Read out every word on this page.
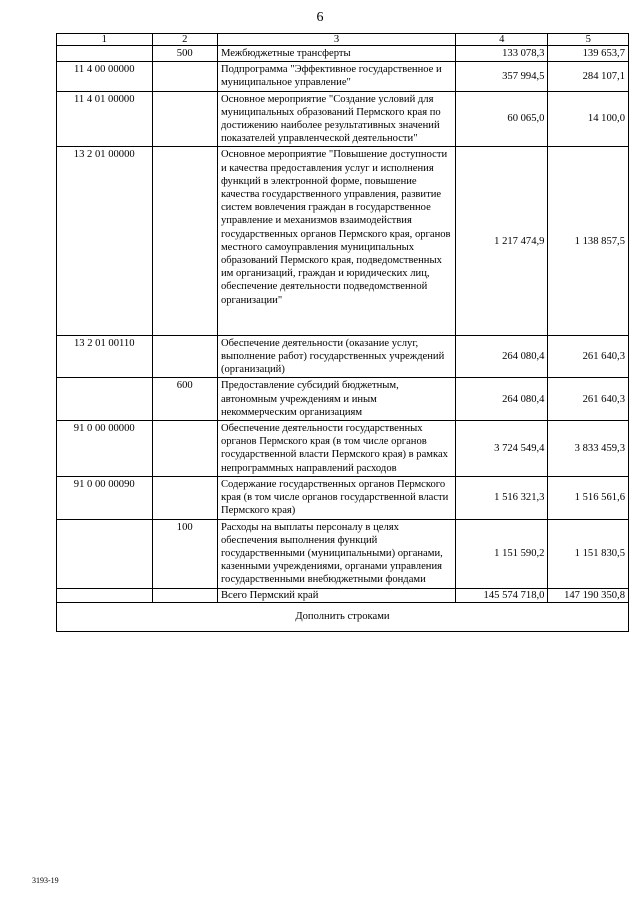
6
1	2	3	4	5
	500	Межбюджетные трансферты	133 078,3	139 653,7
11 4 00 00000		Подпрограмма "Эффективное государственное и муниципальное управление"	357 994,5	284 107,1
11 4 01 00000		Основное мероприятие "Создание условий для муниципальных образований Пермского края по достижению наиболее результативных значений показателей управленческой деятельности"	60 065,0	14 100,0
13 2 01 00000		Основное мероприятие "Повышение доступности и качества предоставления услуг и исполнения функций в электронной форме, повышение качества государственного управления, развитие систем вовлечения граждан в государственное управление и механизмов взаимодействия государственных органов Пермского края, органов местного самоуправления муниципальных образований Пермского края, подведомственных им организаций, граждан и юридических лиц, обеспечение деятельности подведомственной организации"	1 217 474,9	1 138 857,5
13 2 01 00110		Обеспечение деятельности (оказание услуг, выполнение работ) государственных учреждений (организаций)	264 080,4	261 640,3
	600	Предоставление субсидий бюджетным, автономным учреждениям и иным некоммерческим организациям	264 080,4	261 640,3
91 0 00 00000		Обеспечение деятельности государственных органов Пермского края (в том числе органов государственной власти Пермского края) в рамках непрограммных направлений расходов	3 724 549,4	3 833 459,3
91 0 00 00090		Содержание государственных органов Пермского края (в том числе органов государственной власти Пермского края)	1 516 321,3	1 516 561,6
	100	Расходы на выплаты персоналу в целях обеспечения выполнения функций государственными (муниципальными) органами, казенными учреждениями, органами управления государственными внебюджетными фондами	1 151 590,2	1 151 830,5
		Всего Пермский край	145 574 718,0	147 190 350,8
Дополнить строками				
3193-19
